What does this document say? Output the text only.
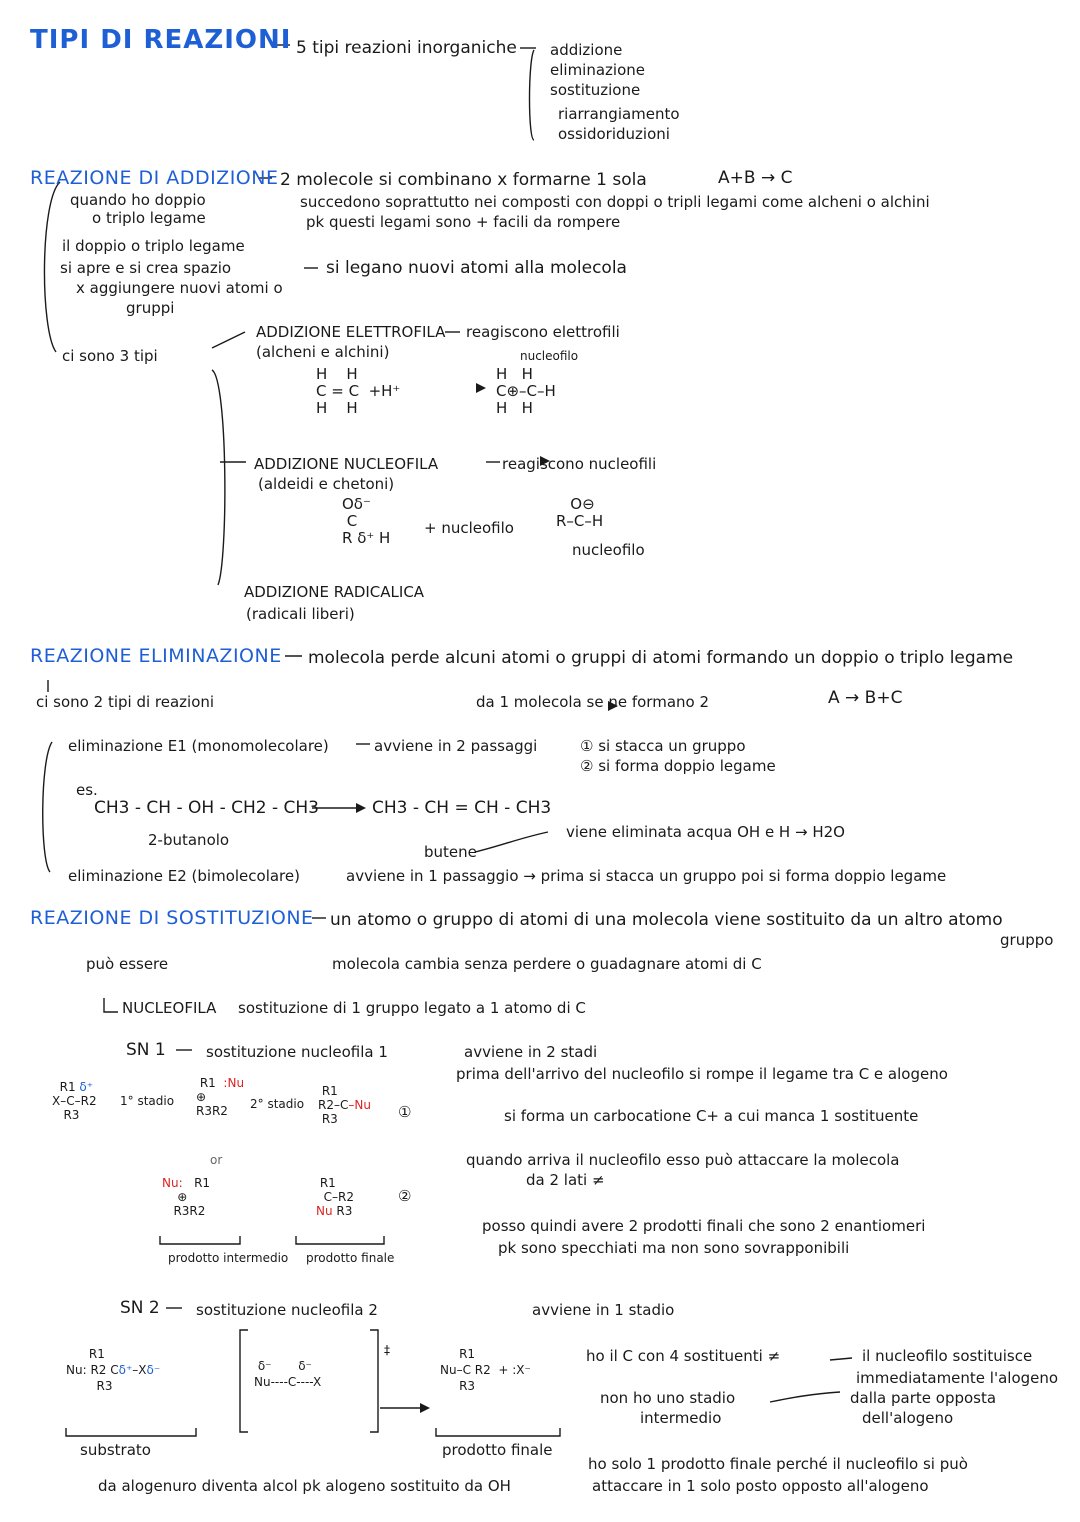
TIPI DI REAZIONI 5 tipi reazioni inorganiche addizione
eliminazione
sostituzione
riarrangiamento
ossidoriduzioni
REAZIONE DI ADDIZIONE 2 molecole si combinano x formarne 1 sola	A+B → C
quando ho doppio
o triplo legame
succedono soprattutto nei composti con doppi o tripli legami come alcheni o alchini
pk questi legami sono + facili da rompere
il doppio o triplo legame
si apre e si crea spazio
x aggiungere nuovi atomi o
gruppi
si legano nuovi atomi alla molecola
ci sono 3 tipi
ADDIZIONE ELETTROFILA reagiscono elettrofili
(alcheni e alchini)	nucleofilo
H    H
C = C  +H⁺
H    H
H   H
C⊕–C–H
H   H
ADDIZIONE NUCLEOFILA	reagiscono nucleofili
(aldeidi e chetoni)
Oδ⁻
C
R δ⁺ H
+ nucleofilo
O⊖
R–C–H
nucleofilo
ADDIZIONE RADICALICA
(radicali liberi)
REAZIONE ELIMINAZIONE molecola perde alcuni atomi o gruppi di atomi formando un doppio o triplo legame
ci sono 2 tipi di reazioni	da 1 molecola se ne formano 2	A → B+C
eliminazione E1 (monomolecolare)	avviene in 2 passaggi	① si stacca un gruppo
② si forma doppio legame
es.
CH3 - CH - OH - CH2 - CH3	CH3 - CH = CH - CH3
2-butanolo
butene
viene eliminata acqua OH e H → H2O
eliminazione E2 (bimolecolare)	avviene in 1 passaggio → prima si stacca un gruppo poi si forma doppio legame
REAZIONE DI SOSTITUZIONE un atomo o gruppo di atomi di una molecola viene sostituito da un altro atomo
gruppo
può essere	molecola cambia senza perdere o guadagnare atomi di C
NUCLEOFILA sostituzione di 1 gruppo legato a 1 atomo di C
SN 1	sostituzione nucleofila 1	avviene in 2 stadi
prima dell'arrivo del nucleofilo si rompe il legame tra C e alogeno
si forma un carbocatione C+ a cui manca 1 sostituente
quando arriva il nucleofilo esso può attaccare la molecola
da 2 lati ≠
posso quindi avere 2 prodotti finali che sono 2 enantiomeri
pk sono specchiati ma non sono sovrapponibili
R1 δ⁺
X–C–R2
R3
1° stadio
R1  :Nu
⊕
R3R2	2° stadio
R1
R2–C–Nu
R3	①
or
Nu:   R1
⊕
R3R2
R1
C–R2
Nu R3
②
prodotto intermedio prodotto finale
SN 2 sostituzione nucleofila 2	avviene in 1 stadio
R1
Nu: R2 Cδ⁺–Xδ⁻
R3
δ⁻       δ⁻
Nu----C----X
‡	R1
Nu–C R2  + :X⁻
R3
substrato	prodotto finale
ho il C con 4 sostituenti ≠	il nucleofilo sostituisce
immediatamente l'alogeno
dalla parte opposta
dell'alogeno
non ho uno stadio
intermedio
ho solo 1 prodotto finale perché il nucleofilo si può
attaccare in 1 solo posto opposto all'alogeno
da alogenuro diventa alcol pk alogeno sostituito da OH
